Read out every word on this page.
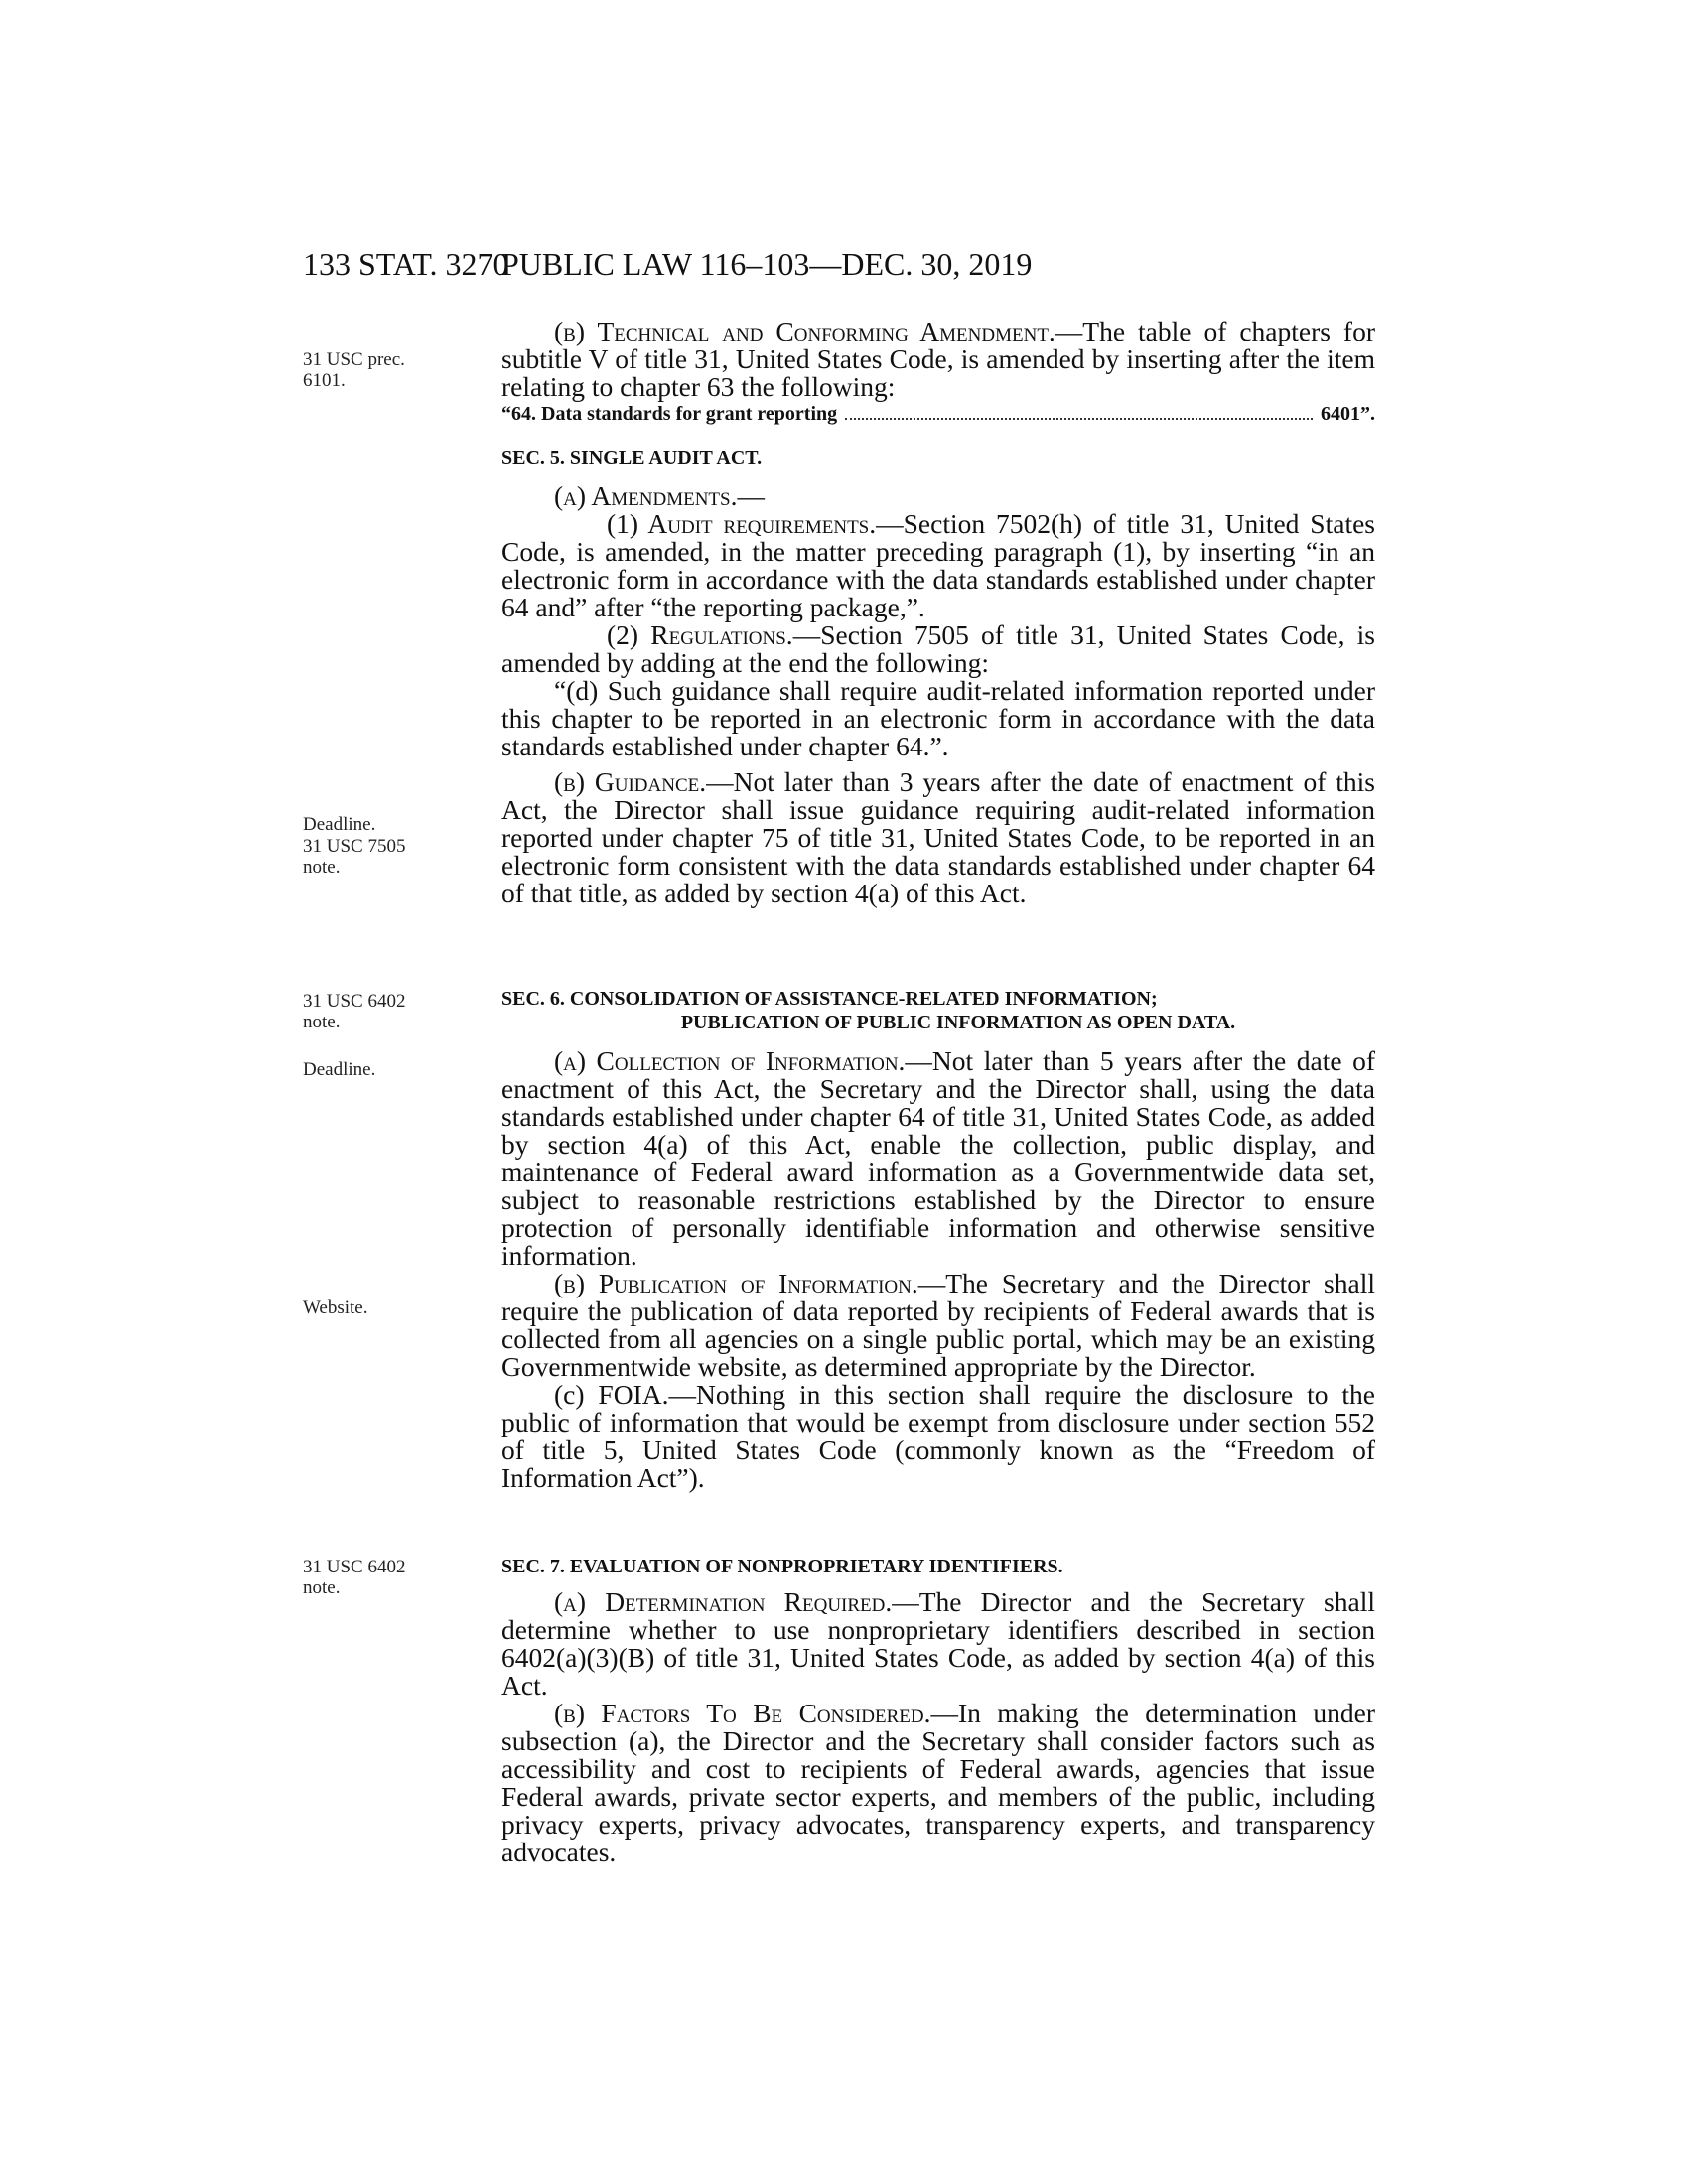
133 STAT. 3270
PUBLIC LAW 116–103—DEC. 30, 2019
31 USC prec. 6101.
Deadline.
31 USC 7505 note.
31 USC 6402 note.
Deadline.
Website.
31 USC 6402 note.

(b) Technical and Conforming Amendment.—The table of chapters for subtitle V of title 31, United States Code, is amended by inserting after the item relating to chapter 63 the following:

“64. Data standards for grant reporting	6401”.
SEC. 5. SINGLE AUDIT ACT.

(a) Amendments.—

(1) Audit requirements.—Section 7502(h) of title 31, United States Code, is amended, in the matter preceding paragraph (1), by inserting “in an electronic form in accordance with the data standards established under chapter 64 and” after “the reporting package,”.

(2) Regulations.—Section 7505 of title 31, United States Code, is amended by adding at the end the following:

“(d) Such guidance shall require audit-related information reported under this chapter to be reported in an electronic form in accordance with the data standards established under chapter 64.”.

(b) Guidance.—Not later than 3 years after the date of enactment of this Act, the Director shall issue guidance requiring audit-related information reported under chapter 75 of title 31, United States Code, to be reported in an electronic form consistent with the data standards established under chapter 64 of that title, as added by section 4(a) of this Act.

SEC. 6. CONSOLIDATION OF ASSISTANCE-RELATED INFORMATION;
PUBLICATION OF PUBLIC INFORMATION AS OPEN DATA.

(a) Collection of Information.—Not later than 5 years after the date of enactment of this Act, the Secretary and the Director shall, using the data standards established under chapter 64 of title 31, United States Code, as added by section 4(a) of this Act, enable the collection, public display, and maintenance of Federal award information as a Governmentwide data set, subject to reasonable restrictions established by the Director to ensure protection of personally identifiable information and otherwise sensitive information.

(b) Publication of Information.—The Secretary and the Director shall require the publication of data reported by recipients of Federal awards that is collected from all agencies on a single public portal, which may be an existing Governmentwide website, as determined appropriate by the Director.

(c) FOIA.—Nothing in this section shall require the disclosure to the public of information that would be exempt from disclosure under section 552 of title 5, United States Code (commonly known as the “Freedom of Information Act”).

SEC. 7. EVALUATION OF NONPROPRIETARY IDENTIFIERS.

(a) Determination Required.—The Director and the Secretary shall determine whether to use nonproprietary identifiers described in section 6402(a)(3)(B) of title 31, United States Code, as added by section 4(a) of this Act.

(b) Factors To Be Considered.—In making the determination under subsection (a), the Director and the Secretary shall consider factors such as accessibility and cost to recipients of Federal awards, agencies that issue Federal awards, private sector experts, and members of the public, including privacy experts, privacy advocates, transparency experts, and transparency advocates.
